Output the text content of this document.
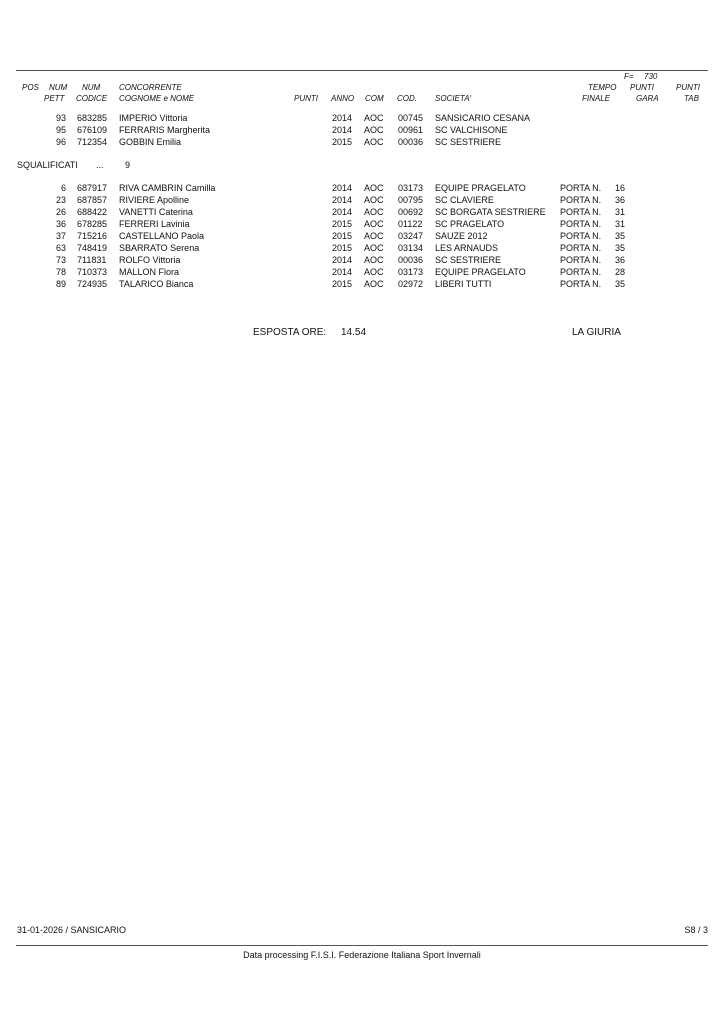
F= 730
POS NUM NUM CONCORRENTE	TEMPO PUNTI	PUNTI
PETT CODICE COGNOME e NOME	PUNTI ANNO COM COD. SOCIETA'	FINALE	GARA	TAB
93 683285 IMPERIO Vittoria	2014 AOC 00745 SANSICARIO CESANA
95 676109 FERRARIS Margherita	2014 AOC 00961 SC VALCHISONE
96 712354 GOBBIN Emilia	2015 AOC 00036 SC SESTRIERE
SQUALIFICATI ... 9
6 687917 RIVA CAMBRIN Camilla	2014 AOC 03173 EQUIPE PRAGELATO	PORTA N.	16
23 687857 RIVIERE Apolline	2014 AOC 00795 SC CLAVIERE	PORTA N.	36
26 688422 VANETTI Caterina	2014 AOC 00692 SC BORGATA SESTRIERE PORTA N.	31
36 678285 FERRERI Lavinia	2015 AOC 01122 SC PRAGELATO	PORTA N.	31
37 715216 CASTELLANO Paola	2015 AOC 03247 SAUZE 2012	PORTA N.	35
63 748419 SBARRATO Serena	2015 AOC 03134 LES ARNAUDS	PORTA N.	35
73 711831 ROLFO Vittoria	2014 AOC 00036 SC SESTRIERE	PORTA N.	36
78 710373 MALLON Flora	2014 AOC 03173 EQUIPE PRAGELATO	PORTA N.	28
89 724935 TALARICO Bianca	2015 AOC 02972 LIBERI TUTTI	PORTA N.	35
ESPOSTA ORE: 14.54	LA GIURIA
31-01-2026 / SANSICARIO	S8 / 3
Data processing F.I.S.I. Federazione Italiana Sport Invernali
